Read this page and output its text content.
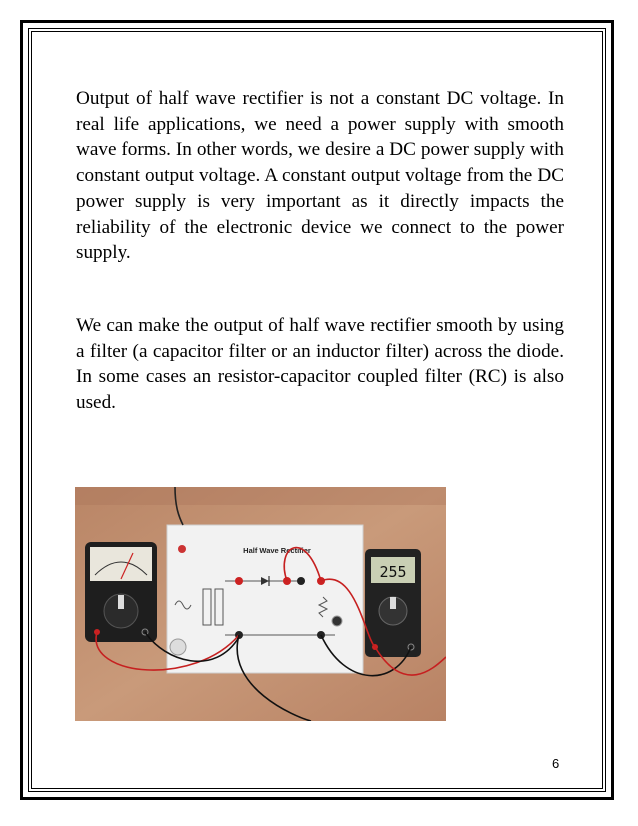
Output of half wave rectifier is not a constant DC voltage. In real life applications, we need a power supply with smooth wave forms. In other words, we desire a DC power supply with constant output voltage. A constant output voltage from the DC power supply is very important as it directly impacts the reliability of the electronic device we connect to the power supply.

We can make the output of half wave rectifier smooth by using a filter (a capacitor filter or an inductor filter) across the diode. In some cases an resistor-capacitor coupled filter (RC) is also used.

Half Wave Rectifier
255
6
